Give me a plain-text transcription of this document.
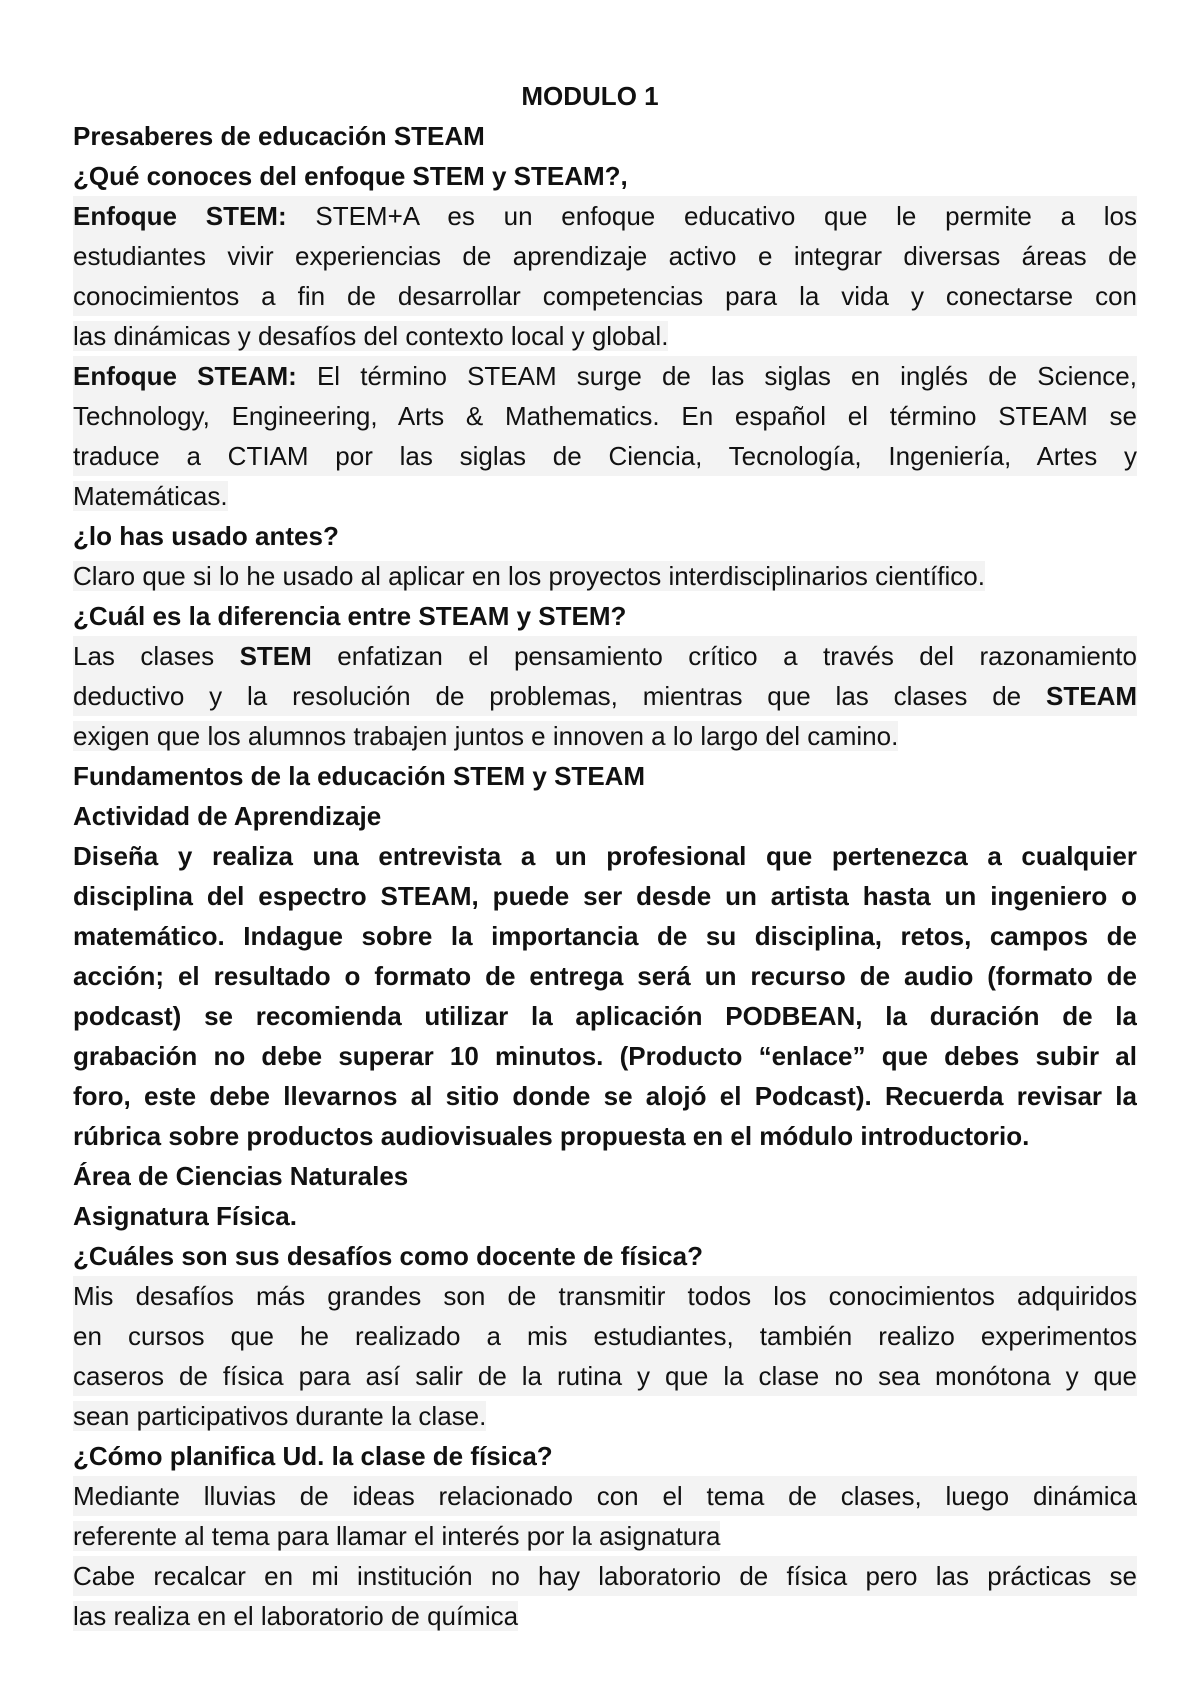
MODULO 1
Presaberes de educación STEAM
¿Qué conoces del enfoque STEM y STEAM?,
Enfoque STEM: STEM+A es un enfoque educativo que le permite a los
estudiantes vivir experiencias de aprendizaje activo e integrar diversas áreas de
conocimientos a fin de desarrollar competencias para la vida y conectarse con
las dinámicas y desafíos del contexto local y global.
Enfoque STEAM: El término STEAM surge de las siglas en inglés de Science,
Technology, Engineering, Arts & Mathematics. En español el término STEAM se
traduce a CTIAM por las siglas de Ciencia, Tecnología, Ingeniería, Artes y
Matemáticas.
¿lo has usado antes?
Claro que si lo he usado al aplicar en los proyectos interdisciplinarios científico.
¿Cuál es la diferencia entre STEAM y STEM?
Las clases STEM enfatizan el pensamiento crítico a través del razonamiento
deductivo y la resolución de problemas, mientras que las clases de STEAM
exigen que los alumnos trabajen juntos e innoven a lo largo del camino.
Fundamentos de la educación STEM y STEAM
Actividad de Aprendizaje
Diseña y realiza una entrevista a un profesional que pertenezca a cualquier
disciplina del espectro STEAM, puede ser desde un artista hasta un ingeniero o
matemático. Indague sobre la importancia de su disciplina, retos, campos de
acción; el resultado o formato de entrega será un recurso de audio (formato de
podcast) se recomienda utilizar la aplicación PODBEAN, la duración de la
grabación no debe superar 10 minutos. (Producto “enlace” que debes subir al
foro, este debe llevarnos al sitio donde se alojó el Podcast). Recuerda revisar la
rúbrica sobre productos audiovisuales propuesta en el módulo introductorio.
Área de Ciencias Naturales
Asignatura Física.
¿Cuáles son sus desafíos como docente de física?
Mis desafíos más grandes son de transmitir todos los conocimientos adquiridos
en cursos que he realizado a mis estudiantes, también realizo experimentos
caseros de física para así salir de la rutina y que la clase no sea monótona y que
sean participativos durante la clase.
¿Cómo planifica Ud. la clase de física?
Mediante lluvias de ideas relacionado con el tema de clases, luego dinámica
referente al tema para llamar el interés por la asignatura
Cabe recalcar en mi institución no hay laboratorio de física pero las prácticas se
las realiza en el laboratorio de química
